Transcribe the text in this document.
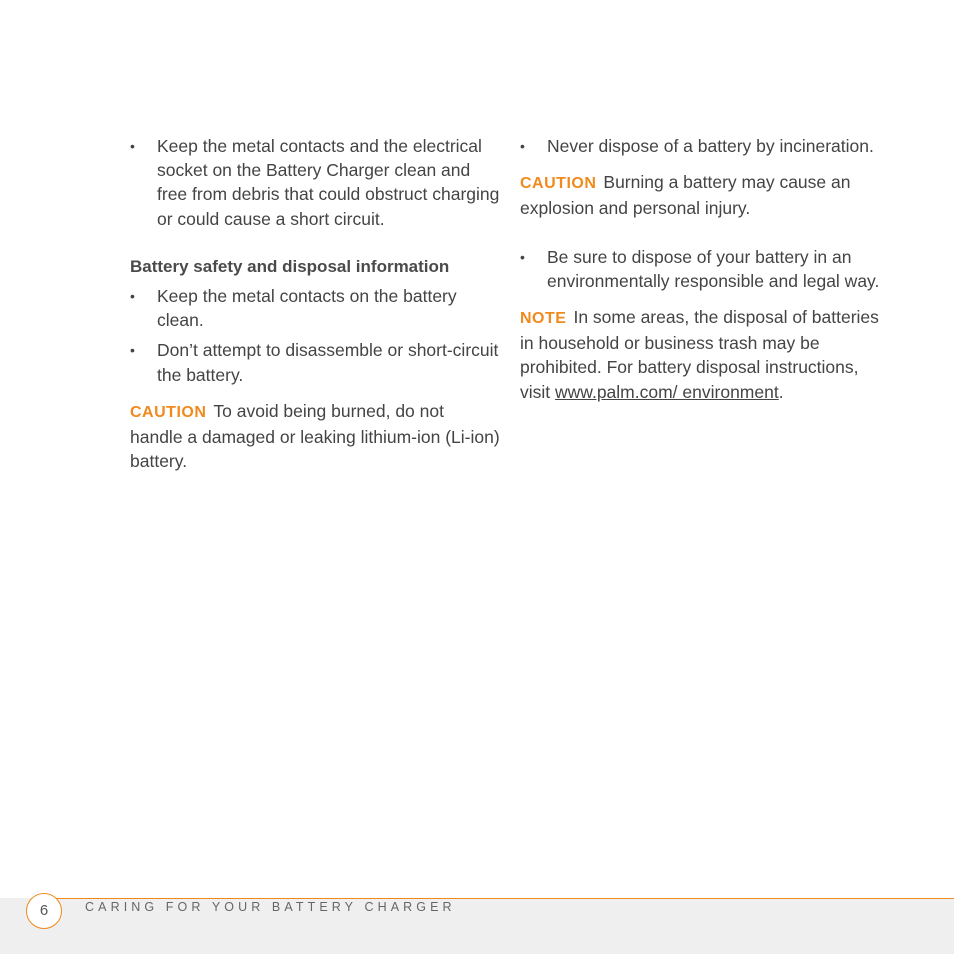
• Keep the metal contacts and the electrical socket on the Battery Charger clean and free from debris that could obstruct charging or could cause a short circuit.
Battery safety and disposal information
• Keep the metal contacts on the battery clean.
• Don’t attempt to disassemble or short-circuit the battery.

CAUTION To avoid being burned, do not handle a damaged or leaking lithium-ion (Li-ion) battery.

• Never dispose of a battery by incineration.

CAUTION Burning a battery may cause an explosion and personal injury.

• Be sure to dispose of your battery in an environmentally responsible and legal way.

NOTE In some areas, the disposal of batteries in household or business trash may be prohibited. For battery disposal instructions, visit www.palm.com/ environment.

6	CARING FOR YOUR BATTERY CHARGER
